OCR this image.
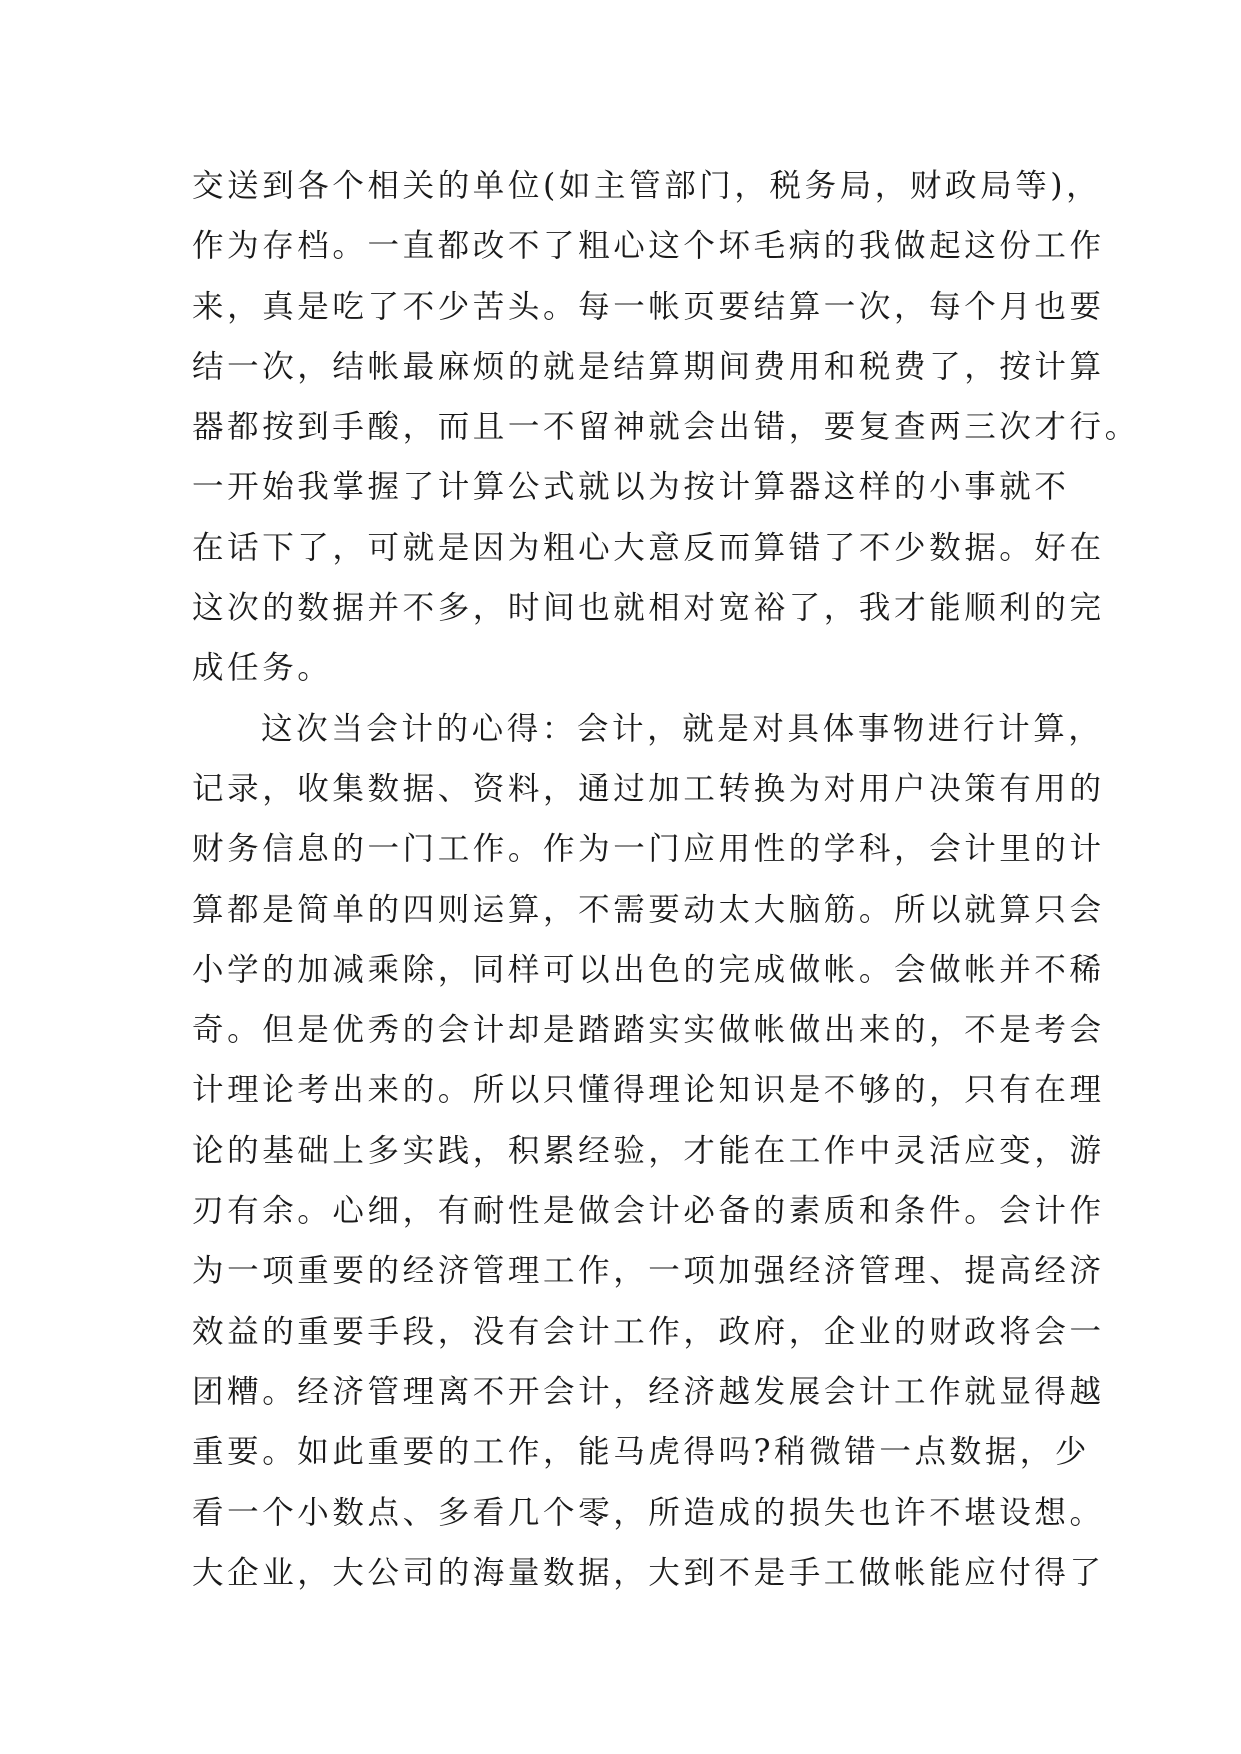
交送到各个相关的单位(如主管部门，税务局，财政局等)，
作为存档。一直都改不了粗心这个坏毛病的我做起这份工作
来，真是吃了不少苦头。每一帐页要结算一次，每个月也要
结一次，结帐最麻烦的就是结算期间费用和税费了，按计算
器都按到手酸，而且一不留神就会出错，要复查两三次才行。
一开始我掌握了计算公式就以为按计算器这样的小事就不
在话下了，可就是因为粗心大意反而算错了不少数据。好在
这次的数据并不多，时间也就相对宽裕了，我才能顺利的完
成任务。
这次当会计的心得：会计，就是对具体事物进行计算，
记录，收集数据、资料，通过加工转换为对用户决策有用的
财务信息的一门工作。作为一门应用性的学科，会计里的计
算都是简单的四则运算，不需要动太大脑筋。所以就算只会
小学的加减乘除，同样可以出色的完成做帐。会做帐并不稀
奇。但是优秀的会计却是踏踏实实做帐做出来的，不是考会
计理论考出来的。所以只懂得理论知识是不够的，只有在理
论的基础上多实践，积累经验，才能在工作中灵活应变，游
刃有余。心细，有耐性是做会计必备的素质和条件。会计作
为一项重要的经济管理工作，一项加强经济管理、提高经济
效益的重要手段，没有会计工作，政府，企业的财政将会一
团糟。经济管理离不开会计，经济越发展会计工作就显得越
重要。如此重要的工作，能马虎得吗?稍微错一点数据，少
看一个小数点、多看几个零，所造成的损失也许不堪设想。
大企业，大公司的海量数据，大到不是手工做帐能应付得了
